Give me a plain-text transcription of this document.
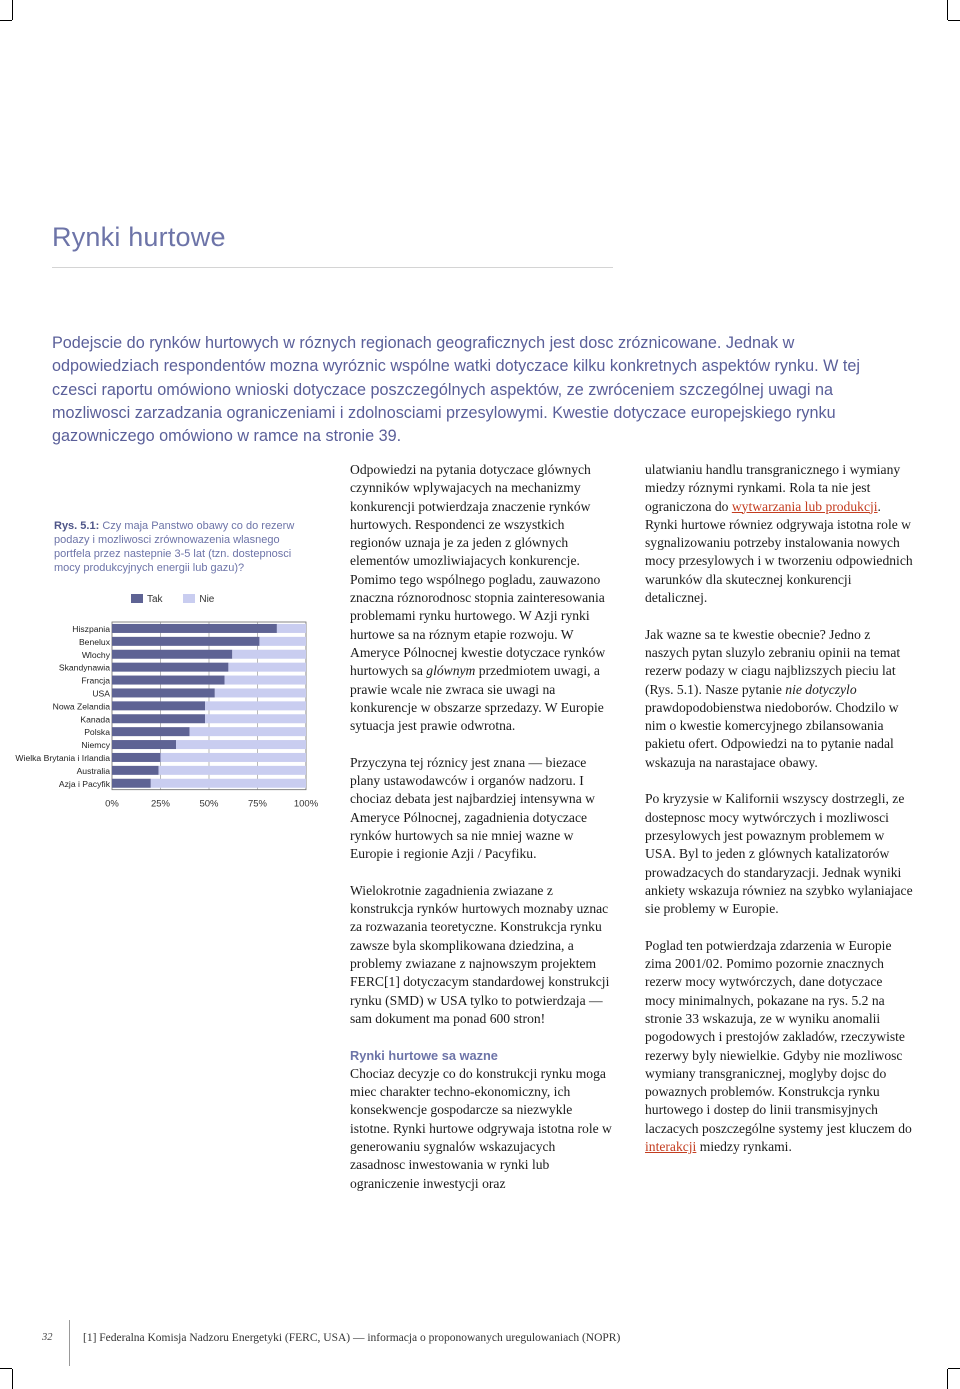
Rynki hurtowe

Podejscie do rynków hurtowych w róznych regionach geograficznych jest dosc zróznicowane. Jednak w odpowiedziach respondentów mozna wyróznic wspólne watki dotyczace kilku konkretnych aspektów rynku. W tej czesci raportu omówiono wnioski dotyczace poszczególnych aspektów, ze zwróceniem szczególnej uwagi na mozliwosci zarzadzania ograniczeniami i zdolnosciami przesylowymi. Kwestie dotyczace europejskiego rynku gazowniczego omówiono w ramce na stronie 39.

Rys. 5.1: Czy maja Panstwo obawy co do rezerw podazy i mozliwosci zrównowazenia wlasnego portfela przez nastepnie 3-5 lat (tzn. dostepnosci mocy produkcyjnych energii lub gazu)?

Tak	Nie
0%	25%	50%	75%	100%
Hiszpania
Benelux
Wlochy
Skandynawia
Francja
USA
Nowa Zelandia
Kanada
Polska
Niemcy
Wielka Brytania i Irlandia
Australia
Azja i Pacyfik

Odpowiedzi na pytania dotyczace glównych czynników wplywajacych na mechanizmy konkurencji potwierdzaja znaczenie rynków hurtowych. Respondenci ze wszystkich regionów uznaja je za jeden z glównych elementów umozliwiajacych konkurencje. Pomimo tego wspólnego pogladu, zauwazono znaczna róznorodnosc stopnia zainteresowania problemami rynku hurtowego. W Azji rynki hurtowe sa na róznym etapie rozwoju. W Ameryce Pólnocnej kwestie dotyczace rynków hurtowych sa glównym przedmiotem uwagi, a prawie wcale nie zwraca sie uwagi na konkurencje w obszarze sprzedazy. W Europie sytuacja jest prawie odwrotna.

Przyczyna tej róznicy jest znana — biezace plany ustawodawców i organów nadzoru. I chociaz debata jest najbardziej intensywna w Ameryce Pólnocnej, zagadnienia dotyczace rynków hurtowych sa nie mniej wazne w Europie i regionie Azji / Pacyfiku.

Wielokrotnie zagadnienia zwiazane z konstrukcja rynków hurtowych moznaby uznac za rozwazania teoretyczne. Konstrukcja rynku zawsze byla skomplikowana dziedzina, a problemy zwiazane z najnowszym projektem FERC[1] dotyczacym standardowej konstrukcji rynku (SMD) w USA tylko to potwierdzaja — sam dokument ma ponad 600 stron!

Rynki hurtowe sa wazne

Chociaz decyzje co do konstrukcji rynku moga miec charakter techno-ekonomiczny, ich konsekwencje gospodarcze sa niezwykle istotne. Rynki hurtowe odgrywaja istotna role w generowaniu sygnalów wskazujacych zasadnosc inwestowania w rynki lub ograniczenie inwestycji oraz

ulatwianiu handlu transgranicznego i wymiany miedzy róznymi rynkami. Rola ta nie jest ograniczona do wytwarzania lub produkcji. Rynki hurtowe równiez odgrywaja istotna role w sygnalizowaniu potrzeby instalowania nowych mocy przesylowych i w tworzeniu odpowiednich warunków dla skutecznej konkurencji detalicznej.

Jak wazne sa te kwestie obecnie? Jedno z naszych pytan sluzylo zebraniu opinii na temat rezerw podazy w ciagu najblizszych pieciu lat (Rys. 5.1). Nasze pytanie nie dotyczylo prawdopodobienstwa niedoborów. Chodzilo w nim o kwestie komercyjnego zbilansowania pakietu ofert. Odpowiedzi na to pytanie nadal wskazuja na narastajace obawy.

Po kryzysie w Kalifornii wszyscy dostrzegli, ze dostepnosc mocy wytwórczych i mozliwosci przesylowych jest powaznym problemem w USA. Byl to jeden z glównych katalizatorów prowadzacych do standaryzacji. Jednak wyniki ankiety wskazuja równiez na szybko wylaniajace sie problemy w Europie.

Poglad ten potwierdzaja zdarzenia w Europie zima 2001/02. Pomimo pozornie znacznych rezerw mocy wytwórczych, dane dotyczace mocy minimalnych, pokazane na rys. 5.2 na stronie 33 wskazuja, ze w wyniku anomalii pogodowych i prestojów zakladów, rzeczywiste rezerwy byly niewielkie. Gdyby nie mozliwosc wymiany transgranicznej, moglyby dojsc do powaznych problemów. Konstrukcja rynku hurtowego i dostep do linii transmisyjnych laczacych poszczególne systemy jest kluczem do interakcji miedzy rynkami.

32	[1] Federalna Komisja Nadzoru Energetyki (FERC, USA) — informacja o proponowanych uregulowaniach (NOPR)
